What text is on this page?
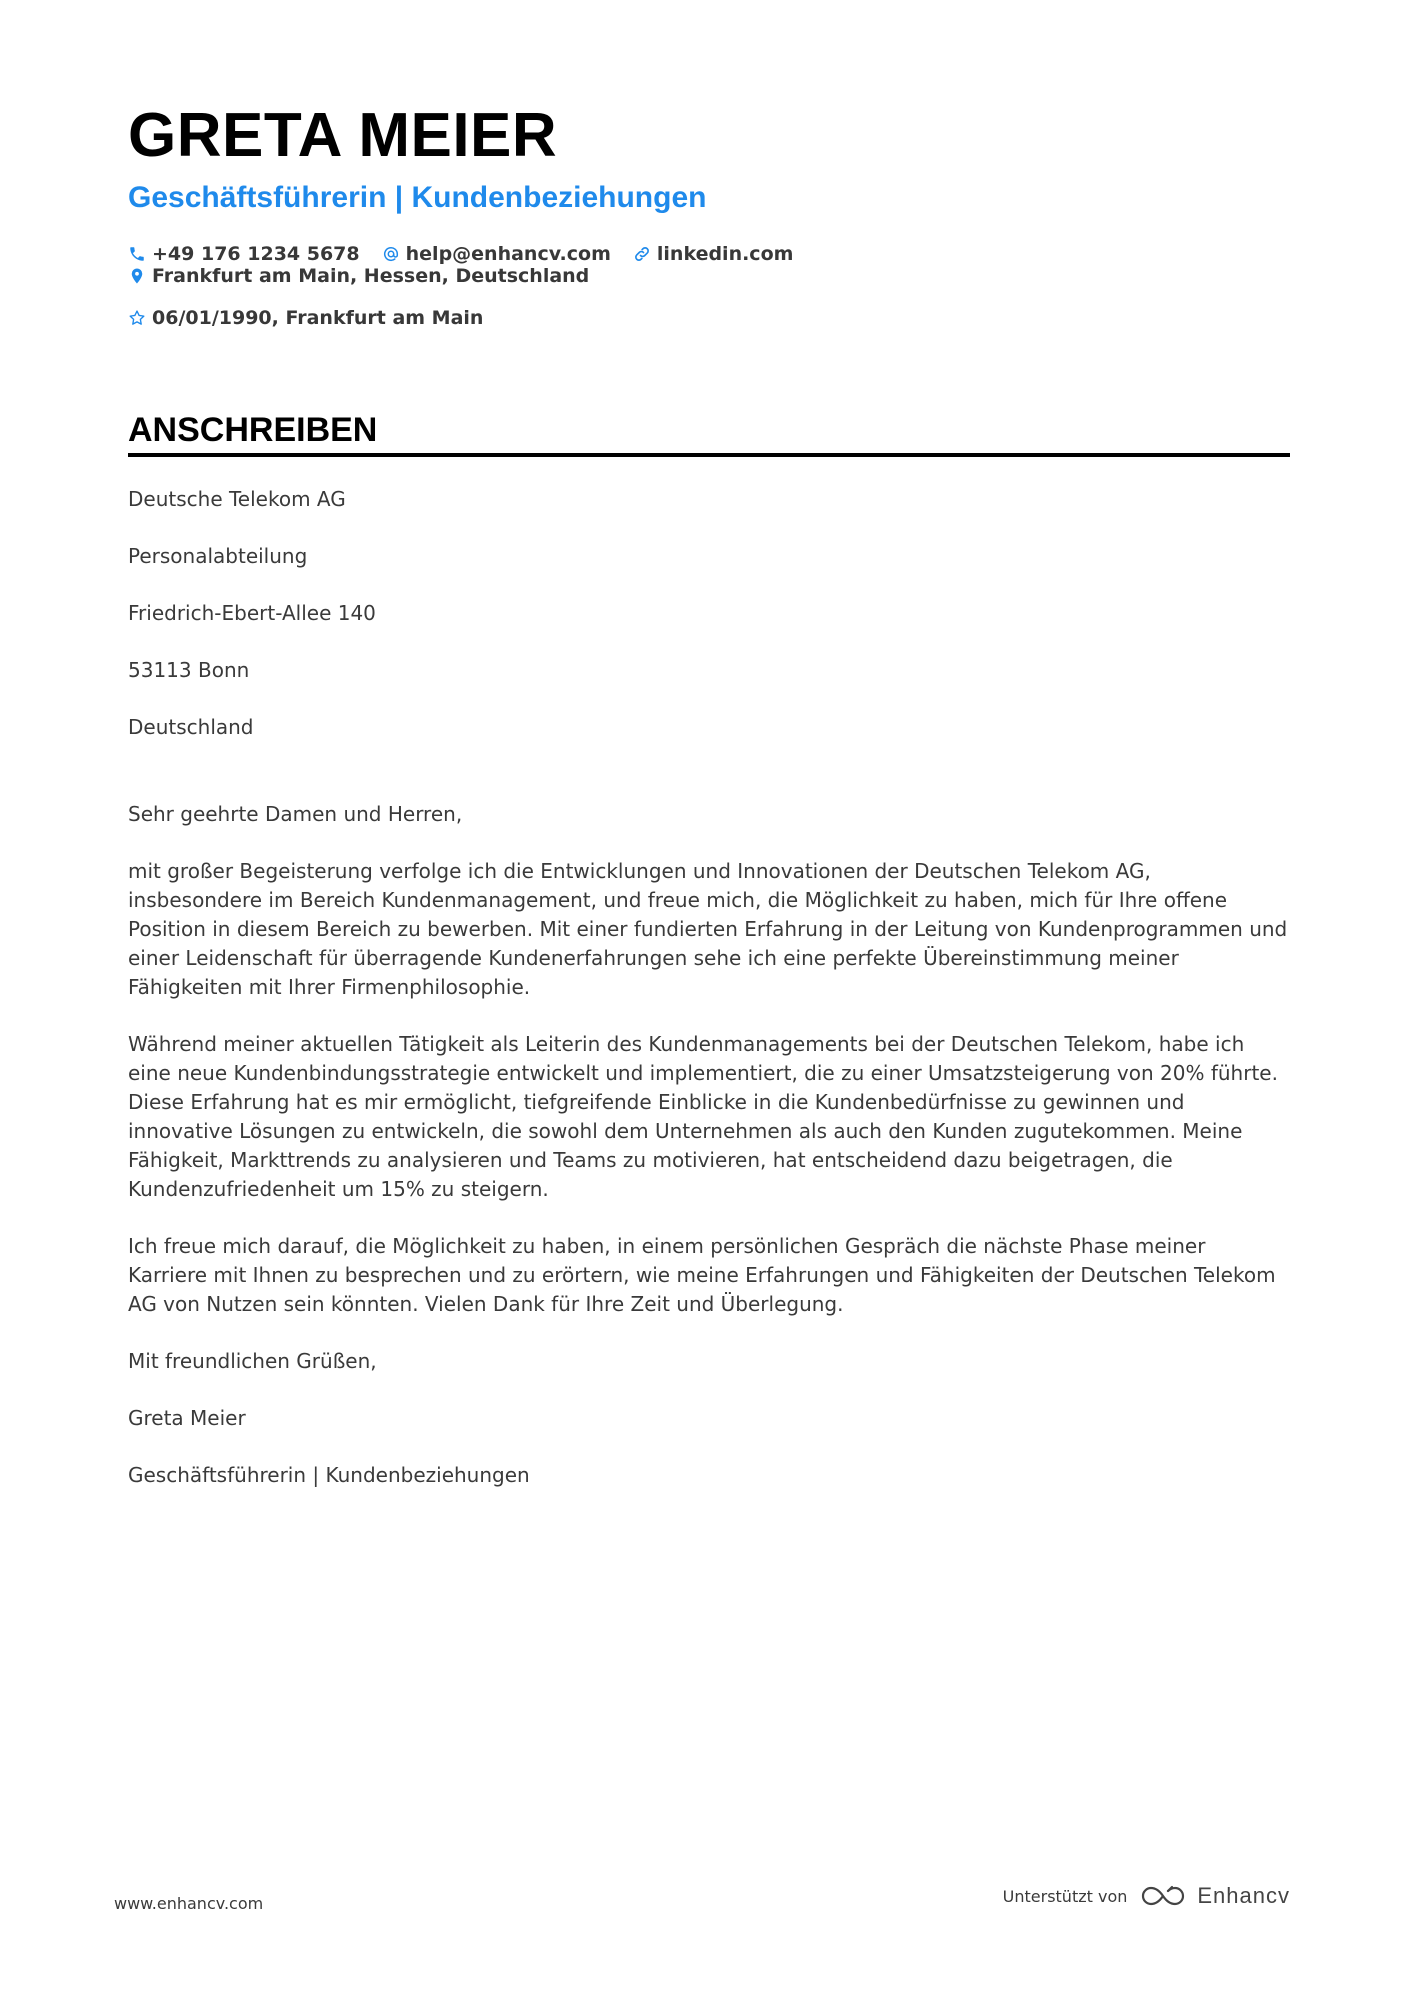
GRETA MEIER
Geschäftsführerin | Kundenbeziehungen
+49 176 1234 5678 help@enhancv.com linkedin.com
Frankfurt am Main, Hessen, Deutschland
06/01/1990, Frankfurt am Main
ANSCHREIBEN

Deutsche Telekom AG

Personalabteilung

Friedrich-Ebert-Allee 140

53113 Bonn

Deutschland

Sehr geehrte Damen und Herren,

mit großer Begeisterung verfolge ich die Entwicklungen und Innovationen der Deutschen Telekom AG, insbesondere im Bereich Kundenmanagement, und freue mich, die Möglichkeit zu haben, mich für Ihre offene Position in diesem Bereich zu bewerben. Mit einer fundierten Erfahrung in der Leitung von Kundenprogrammen und einer Leidenschaft für überragende Kundenerfahrungen sehe ich eine perfekte Übereinstimmung meiner Fähigkeiten mit Ihrer Firmenphilosophie.

Während meiner aktuellen Tätigkeit als Leiterin des Kundenmanagements bei der Deutschen Telekom, habe ich eine neue Kundenbindungsstrategie entwickelt und implementiert, die zu einer Umsatzsteigerung von 20% führte. Diese Erfahrung hat es mir ermöglicht, tiefgreifende Einblicke in die Kundenbedürfnisse zu gewinnen und innovative Lösungen zu entwickeln, die sowohl dem Unternehmen als auch den Kunden zugutekommen. Meine Fähigkeit, Markttrends zu analysieren und Teams zu motivieren, hat entscheidend dazu beigetragen, die Kundenzufriedenheit um 15% zu steigern.

Ich freue mich darauf, die Möglichkeit zu haben, in einem persönlichen Gespräch die nächste Phase meiner Karriere mit Ihnen zu besprechen und zu erörtern, wie meine Erfahrungen und Fähigkeiten der Deutschen Telekom AG von Nutzen sein könnten. Vielen Dank für Ihre Zeit und Überlegung.

Mit freundlichen Grüßen,

Greta Meier

Geschäftsführerin | Kundenbeziehungen

www.enhancv.com	Unterstützt von	Enhancv
